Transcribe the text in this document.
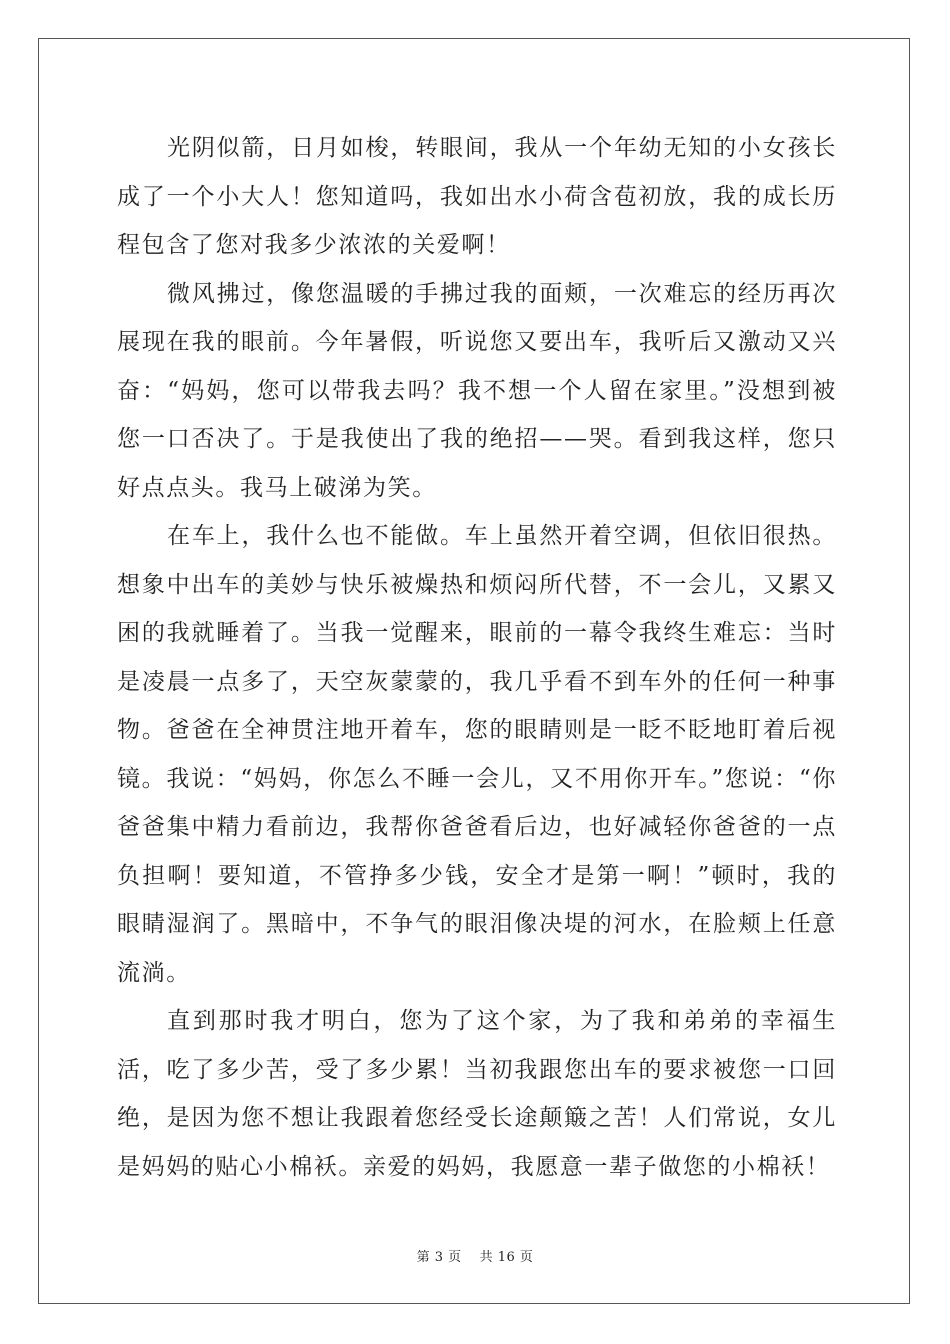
光阴似箭，日月如梭，转眼间，我从一个年幼无知的小女孩长成了一个小大人！您知道吗，我如出水小荷含苞初放，我的成长历程包含了您对我多少浓浓的关爱啊！

微风拂过，像您温暖的手拂过我的面颊，一次难忘的经历再次展现在我的眼前。今年暑假，听说您又要出车，我听后又激动又兴奋：“妈妈，您可以带我去吗？我不想一个人留在家里。”没想到被您一口否决了。于是我使出了我的绝招——哭。看到我这样，您只好点点头。我马上破涕为笑。

在车上，我什么也不能做。车上虽然开着空调，但依旧很热。想象中出车的美妙与快乐被燥热和烦闷所代替，不一会儿，又累又困的我就睡着了。当我一觉醒来，眼前的一幕令我终生难忘：当时是凌晨一点多了，天空灰蒙蒙的，我几乎看不到车外的任何一种事物。爸爸在全神贯注地开着车，您的眼睛则是一眨不眨地盯着后视镜。我说：“妈妈，你怎么不睡一会儿，又不用你开车。”您说：“你爸爸集中精力看前边，我帮你爸爸看后边，也好减轻你爸爸的一点负担啊！要知道，不管挣多少钱，安全才是第一啊！”顿时，我的眼睛湿润了。黑暗中，不争气的眼泪像决堤的河水，在脸颊上任意流淌。

直到那时我才明白，您为了这个家，为了我和弟弟的幸福生活，吃了多少苦，受了多少累！当初我跟您出车的要求被您一口回绝，是因为您不想让我跟着您经受长途颠簸之苦！人们常说，女儿是妈妈的贴心小棉袄。亲爱的妈妈，我愿意一辈子做您的小棉袄！

第 3 页 共 16 页
